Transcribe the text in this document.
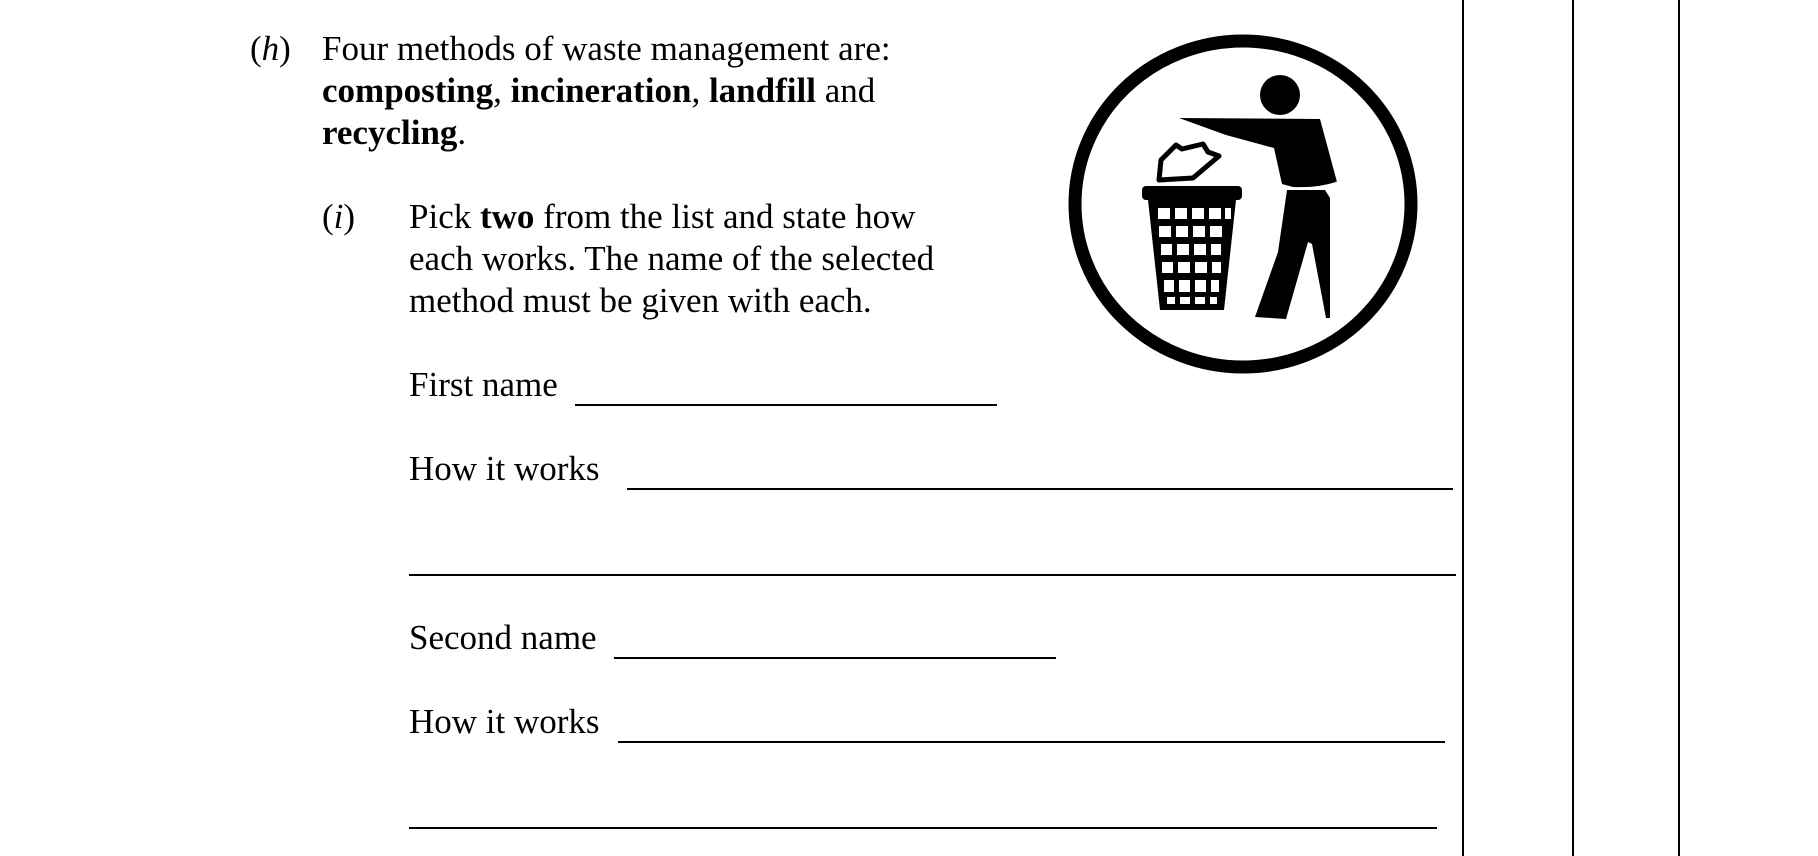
(h) Four methods of waste management are:
composting, incineration, landfill and
recycling.
(i) Pick two from the list and state how
each works. The name of the selected
method must be given with each.
First name
How it works
Second name
How it works
